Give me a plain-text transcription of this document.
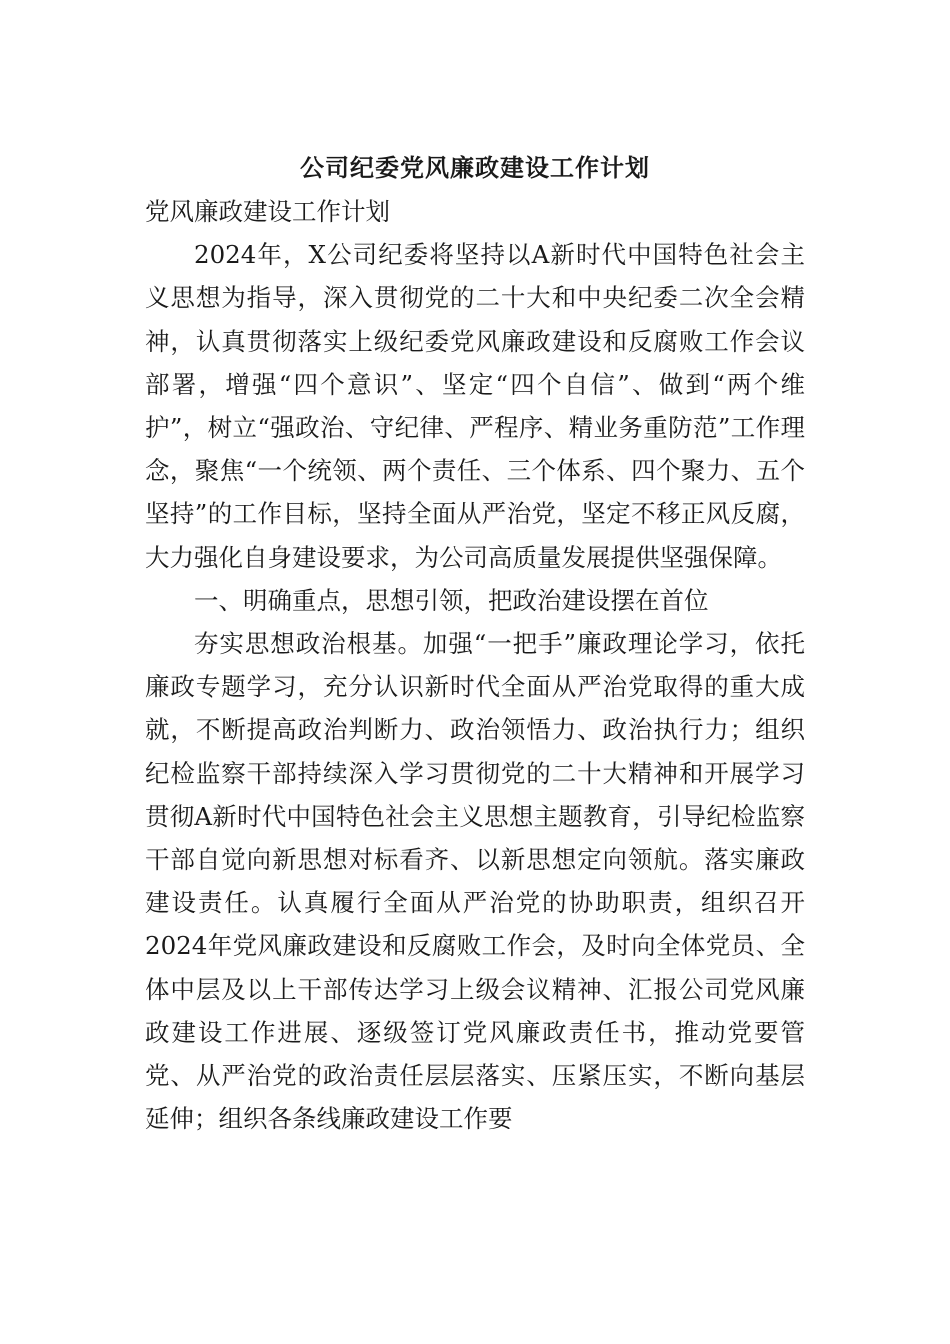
公司纪委党风廉政建设工作计划

党风廉政建设工作计划

2024年，X公司纪委将坚持以A新时代中国特色社会主义思想为指导，深入贯彻党的二十大和中央纪委二次全会精神，认真贯彻落实上级纪委党风廉政建设和反腐败工作会议部署，增强“四个意识”、坚定“四个自信”、做到“两个维护”，树立“强政治、守纪律、严程序、精业务重防范”工作理念，聚焦“一个统领、两个责任、三个体系、四个聚力、五个坚持”的工作目标，坚持全面从严治党，坚定不移正风反腐，大力强化自身建设要求，为公司高质量发展提供坚强保障。

一、明确重点，思想引领，把政治建设摆在首位

夯实思想政治根基。加强“一把手”廉政理论学习，依托廉政专题学习，充分认识新时代全面从严治党取得的重大成就，不断提高政治判断力、政治领悟力、政治执行力；组织纪检监察干部持续深入学习贯彻党的二十大精神和开展学习贯彻A新时代中国特色社会主义思想主题教育，引导纪检监察干部自觉向新思想对标看齐、以新思想定向领航。落实廉政建设责任。认真履行全面从严治党的协助职责，组织召开2024年党风廉政建设和反腐败工作会，及时向全体党员、全体中层及以上干部传达学习上级会议精神、汇报公司党风廉政建设工作进展、逐级签订党风廉政责任书，推动党要管党、从严治党的政治责任层层落实、压紧压实，不断向基层延伸；组织各条线廉政建设工作要
